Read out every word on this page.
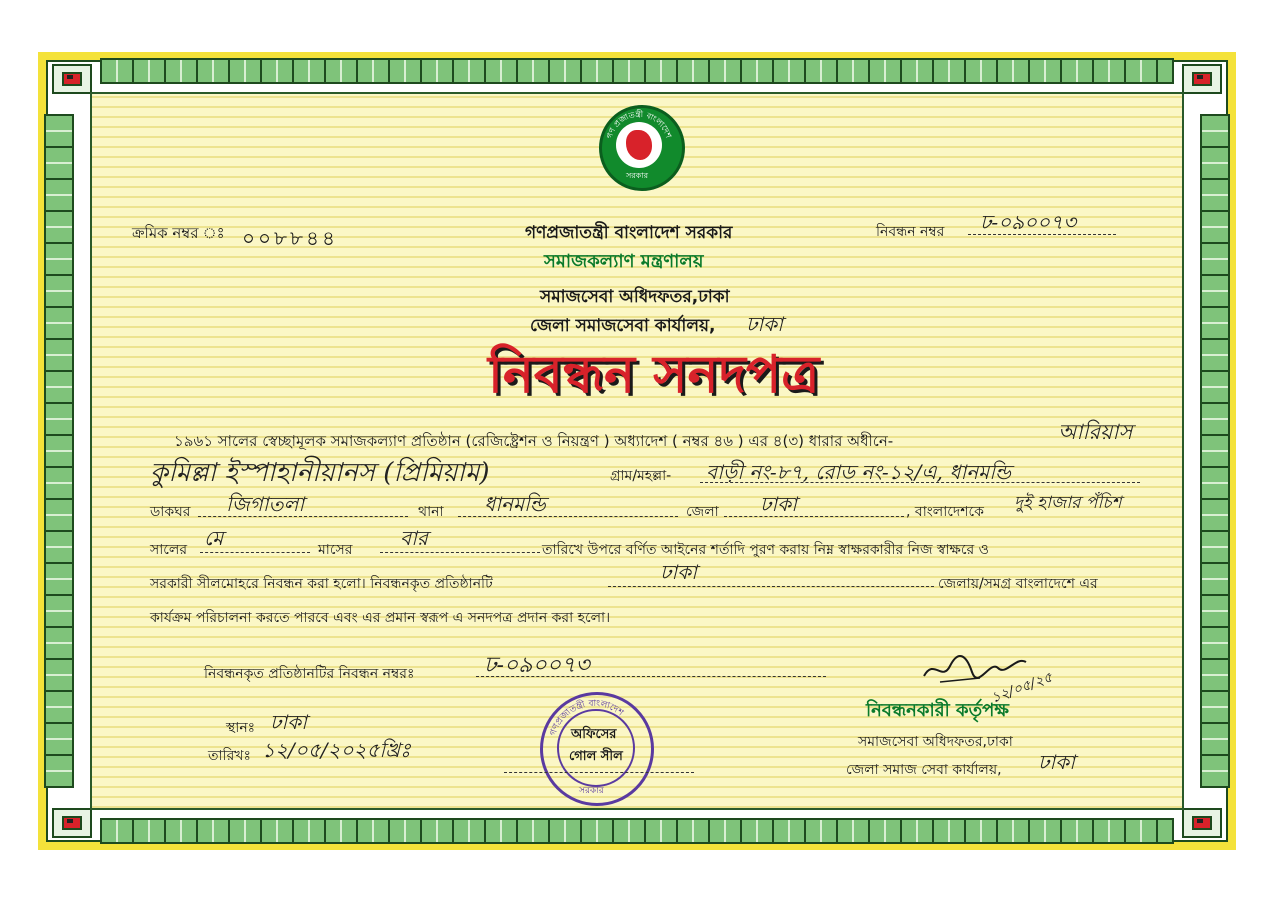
গণ প্রজাতন্ত্রী বাংলাদেশ
সরকার
ক্রমিক নম্বর ঃ ০০৮৮৪৪	গণপ্রজাতন্ত্রী বাংলাদেশ সরকার
সমাজকল্যাণ মন্ত্রণালয়
সমাজসেবা অধিদফতর,ঢাকা
জেলা সমাজসেবা কার্যালয়, ঢাকা
নিবন্ধন নম্বর ঢ-০৯০০৭৩
নিবন্ধন সনদপত্র
১৯৬১ সালের স্বেচ্ছামূলক সমাজকল্যাণ প্রতিষ্ঠান (রেজিষ্ট্রেশন ও নিয়ন্ত্রণ ) অধ্যাদেশ ( নম্বর ৪৬ ) এর ৪(৩) ধারার অধীনে-	আরিয়াস
কুমিল্লা ইস্পাহানীয়ানস (প্রিমিয়াম)	গ্রাম/মহল্লা- বাড়ী নং-৮৭, রোড নং-১২/এ, ধানমন্ডি
ডাকঘর জিগাতলা	থানা ধানমন্ডি	জেলা ঢাকা	, বাংলাদেশকে দুই হাজার পঁচিশ
সালের মে	মাসের বার	তারিখে উপরে বর্ণিত আইনের শর্তাদি পুরণ করায় নিম্ন স্বাক্ষরকারীর নিজ স্বাক্ষরে ও
সরকারী সীলমোহরে নিবন্ধন করা হলো। নিবন্ধনকৃত প্রতিষ্ঠানটি	ঢাকা	জেলায়/সমগ্র বাংলাদেশে এর
কার্যক্রম পরিচালনা করতে পারবে এবং এর প্রমান স্বরূপ এ সনদপত্র প্রদান করা হলো।
নিবন্ধনকৃত প্রতিষ্ঠানটির নিবন্ধন নম্বরঃ	ঢ-০৯০০৭৩
স্থানঃ ঢাকা
তারিখঃ ১২/০৫/২০২৫খ্রিঃ
গণপ্রজাতন্ত্রী বাংলাদেশ
অফিসের
গোল সীল
সরকার
১২/০৫/২৫
নিবন্ধনকারী কর্তৃপক্ষ
সমাজসেবা অধিদফতর,ঢাকা
জেলা সমাজ সেবা কার্যালয়, ঢাকা
